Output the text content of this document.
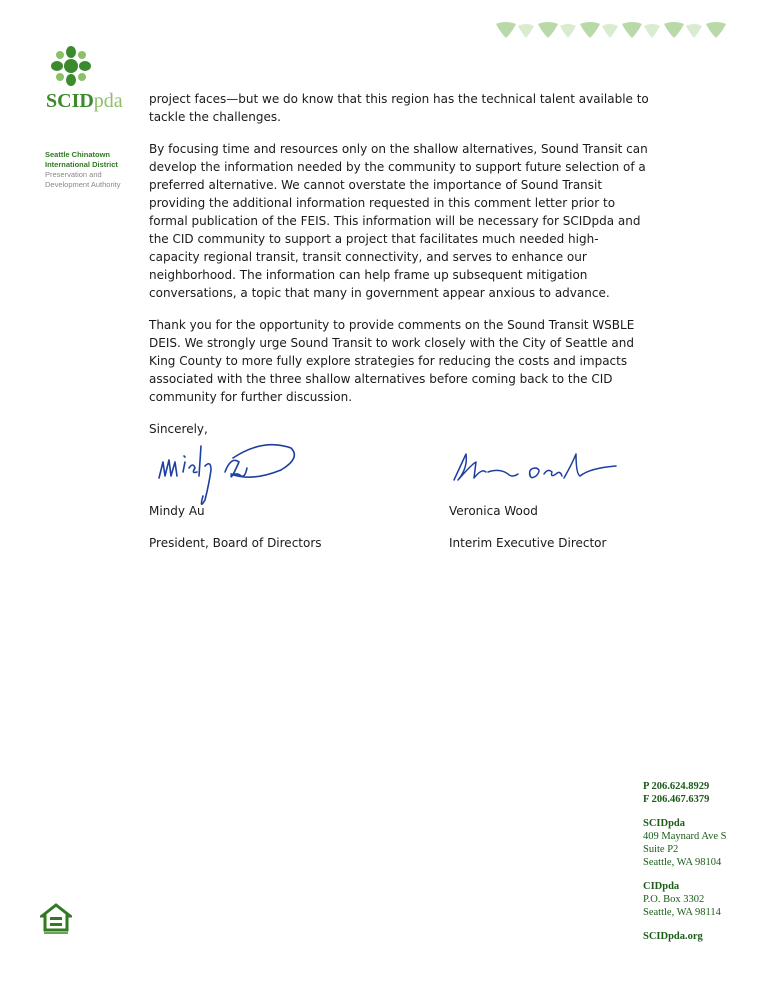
SCIDpda
Seattle Chinatown
International District
Preservation and
Development Authority

project faces—but we do know that this region has the technical talent available to tackle the challenges.

By focusing time and resources only on the shallow alternatives, Sound Transit can develop the information needed by the community to support future selection of a preferred alternative. We cannot overstate the importance of Sound Transit providing the additional information requested in this comment letter prior to formal publication of the FEIS. This information will be necessary for SCIDpda and the CID community to support a project that facilitates much needed high-capacity regional transit, transit connectivity, and serves to enhance our neighborhood. The information can help frame up subsequent mitigation conversations, a topic that many in government appear anxious to advance.

Thank you for the opportunity to provide comments on the Sound Transit WSBLE DEIS. We strongly urge Sound Transit to work closely with the City of Seattle and King County to more fully explore strategies for reducing the costs and impacts associated with the three shallow alternatives before coming back to the CID community for further discussion.

Sincerely,

Mindy Au
President, Board of Directors
Veronica Wood
Interim Executive Director
P 206.624.8929
F 206.467.6379
SCIDpda
409 Maynard Ave S
Suite P2
Seattle, WA 98104
CIDpda
P.O. Box 3302
Seattle, WA 98114
SCIDpda.org
